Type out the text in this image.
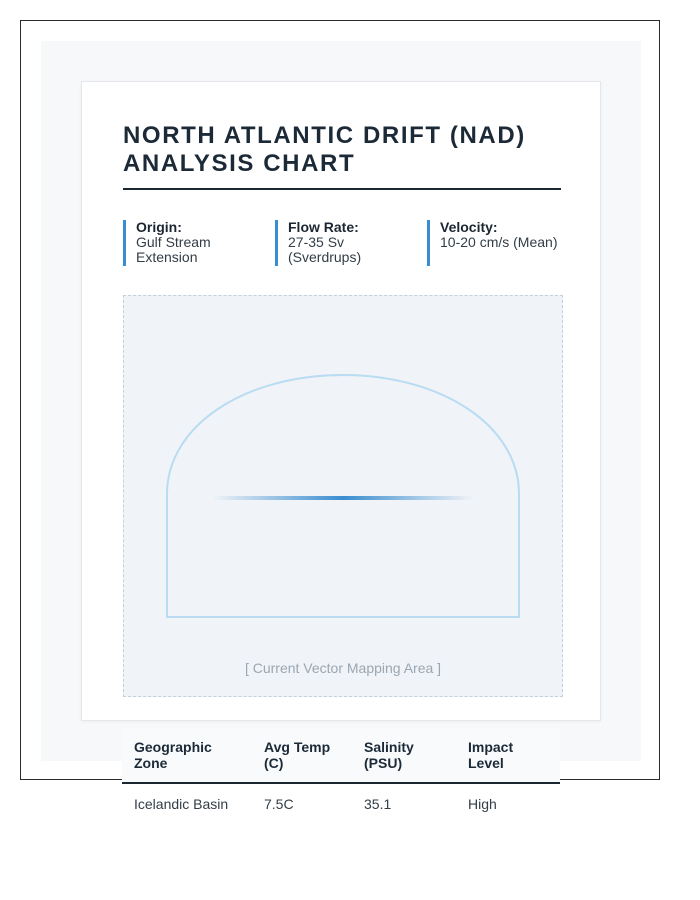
NORTH ATLANTIC DRIFT (NAD)
ANALYSIS CHART
Origin:
Gulf Stream Extension
Flow Rate:
27-35 Sv (Sverdrups)
Velocity:
10-20 cm/s (Mean)
[ Current Vector Mapping Area ]
Geographic Zone	Avg Temp (C)	Salinity (PSU)	Impact Level
Icelandic Basin	7.5C	35.1	High
